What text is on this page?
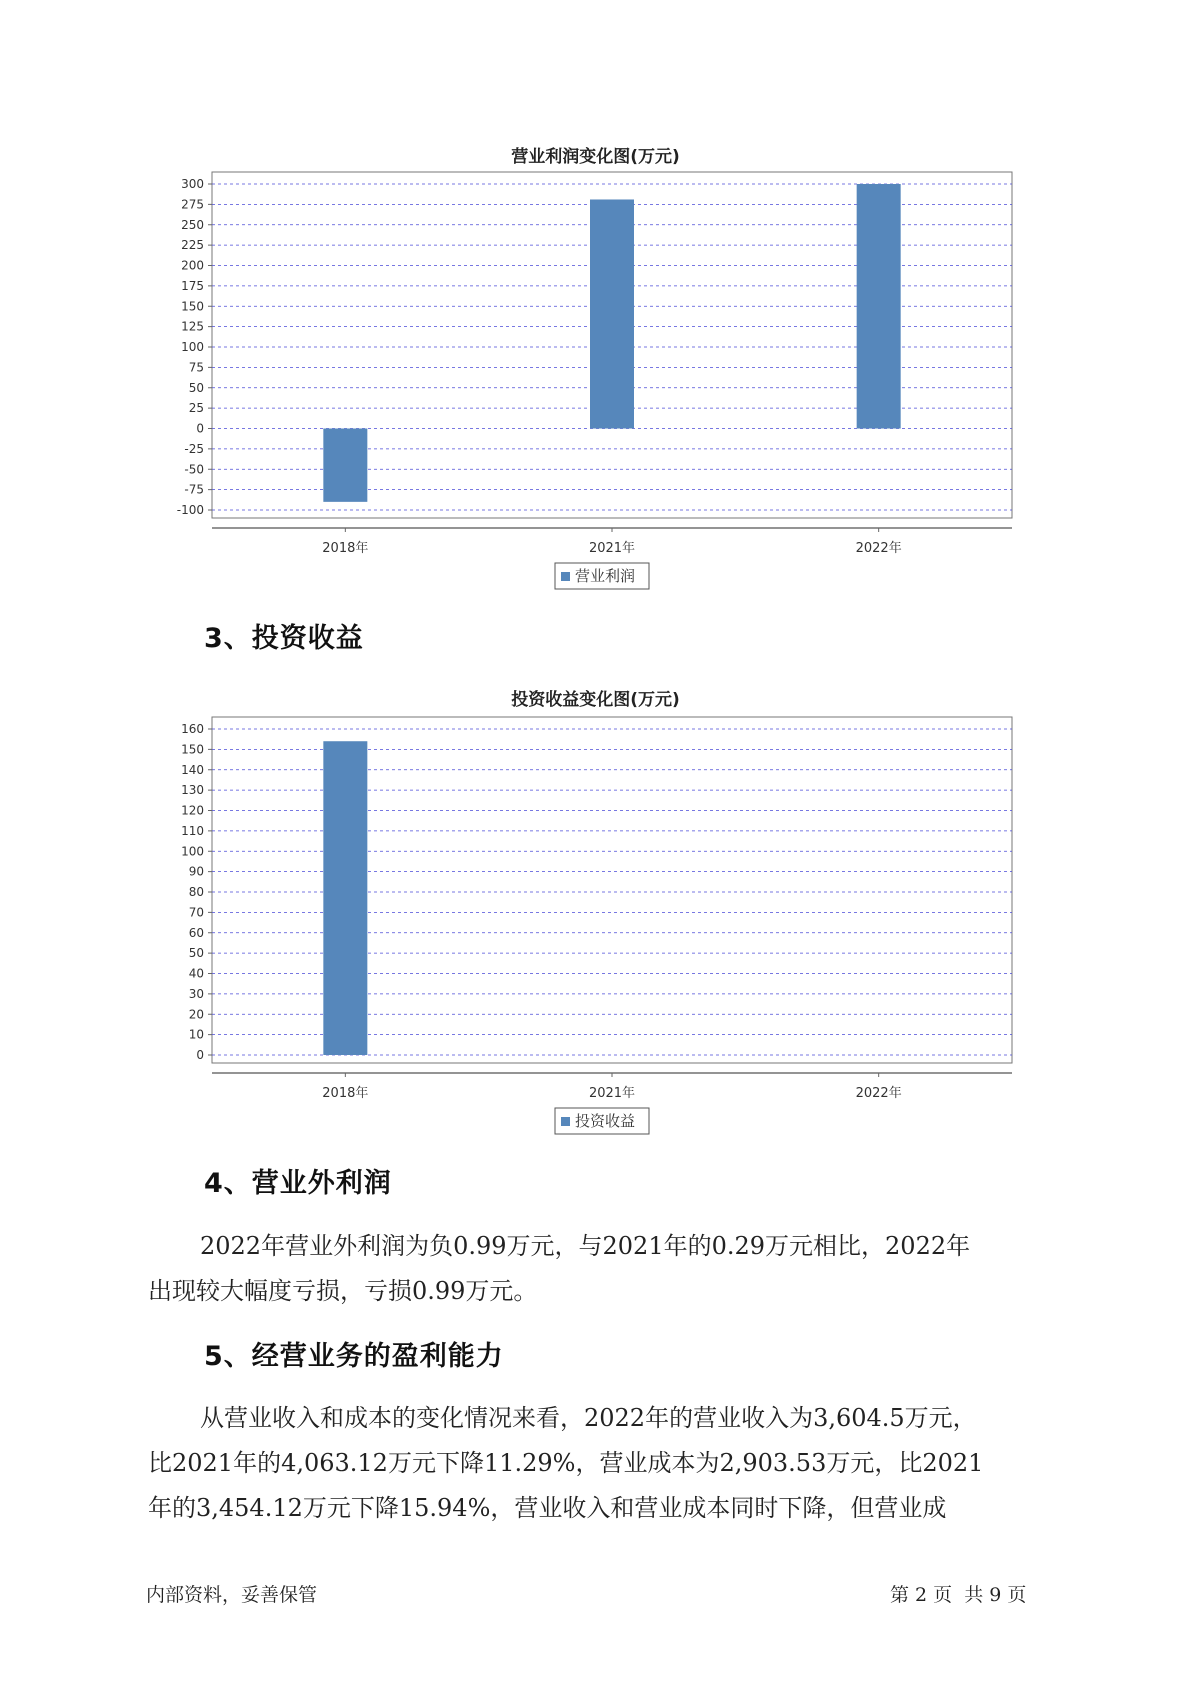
营业利润变化图(万元)
300
275
250
225
200
175
150
125
100
75
50
25
0
-25
-50
-75
-100
2018年	2021年	2022年
营业利润
3、投资收益
投资收益变化图(万元)
160
150
140
130
120
110
100
90
80
70
60
50
40
30
20
10
0
2018年	2021年	2022年
投资收益
4、营业外利润
2022年营业外利润为负0.99万元，与2021年的0.29万元相比，2022年
出现较大幅度亏损，亏损0.99万元。
5、经营业务的盈利能力
从营业收入和成本的变化情况来看，2022年的营业收入为3,604.5万元，
比2021年的4,063.12万元下降11.29%，营业成本为2,903.53万元，比2021
年的3,454.12万元下降15.94%，营业收入和营业成本同时下降，但营业成
内部资料，妥善保管	第 2 页  共 9 页
